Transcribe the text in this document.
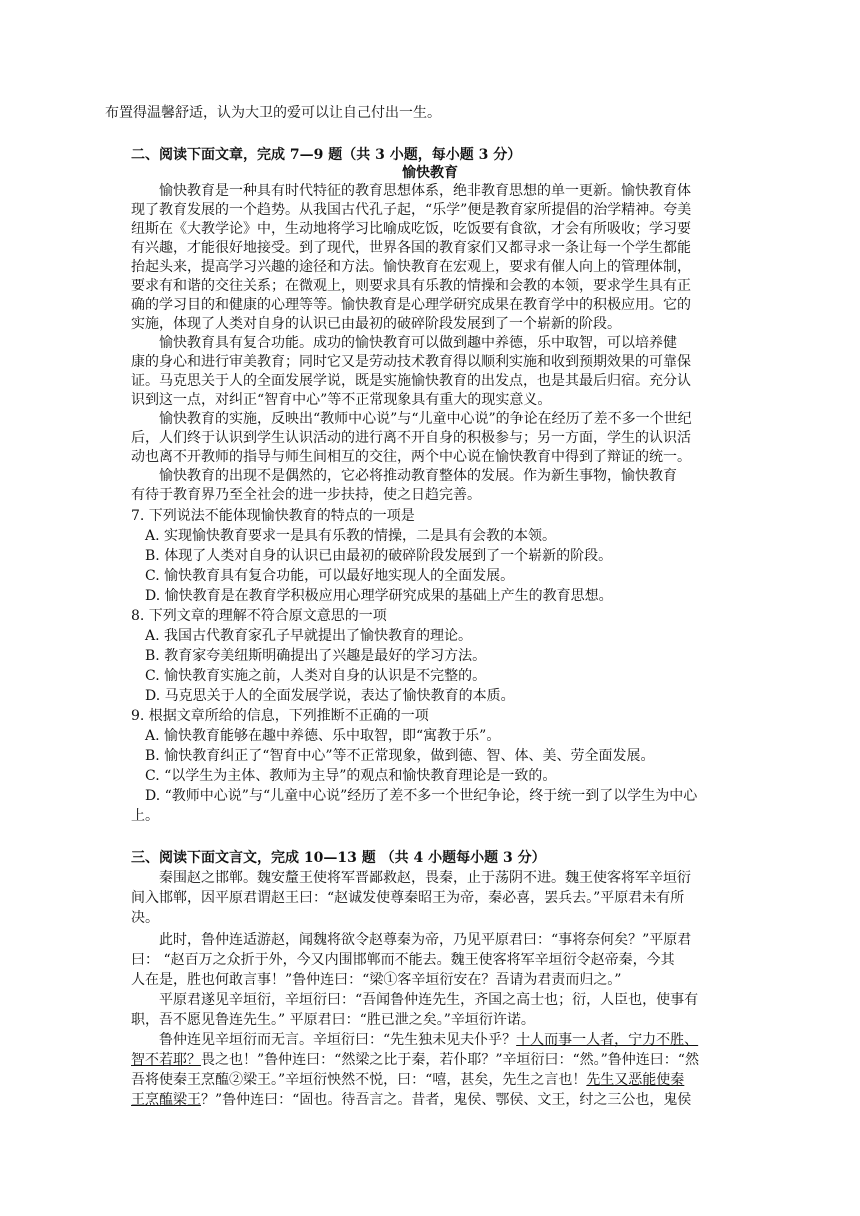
布置得温馨舒适，认为大卫的爱可以让自己付出一生。
二、阅读下面文章，完成 7—9 题（共 3 小题，每小题 3 分）
愉快教育
愉快教育是一种具有时代特征的教育思想体系，绝非教育思想的单一更新。愉快教育体
现了教育发展的一个趋势。从我国古代孔子起，“乐学”便是教育家所提倡的治学精神。夸美
纽斯在《大教学论》中，生动地将学习比喻成吃饭，吃饭要有食欲，才会有所吸收；学习要
有兴趣，才能很好地接受。到了现代，世界各国的教育家们又都寻求一条让每一个学生都能
抬起头来，提高学习兴趣的途径和方法。愉快教育在宏观上，要求有催人向上的管理体制，
要求有和谐的交往关系；在微观上，则要求具有乐教的情操和会教的本领，要求学生具有正
确的学习目的和健康的心理等等。愉快教育是心理学研究成果在教育学中的积极应用。它的
实施，体现了人类对自身的认识已由最初的破碎阶段发展到了一个崭新的阶段。
愉快教育具有复合功能。成功的愉快教育可以做到趣中养德，乐中取智，可以培养健
康的身心和进行审美教育；同时它又是劳动技术教育得以顺利实施和收到预期效果的可靠保
证。马克思关于人的全面发展学说，既是实施愉快教育的出发点，也是其最后归宿。充分认
识到这一点，对纠正“智育中心”等不正常现象具有重大的现实意义。
愉快教育的实施，反映出“教师中心说”与“儿童中心说”的争论在经历了差不多一个世纪
后，人们终于认识到学生认识活动的进行离不开自身的积极参与；另一方面，学生的认识活
动也离不开教师的指导与师生间相互的交往，两个中心说在愉快教育中得到了辩证的统一。
愉快教育的出现不是偶然的，它必将推动教育整体的发展。作为新生事物，愉快教育
有待于教育界乃至全社会的进一步扶持，使之日趋完善。
7. 下列说法不能体现愉快教育的特点的一项是
A. 实现愉快教育要求一是具有乐教的情操，二是具有会教的本领。
B. 体现了人类对自身的认识已由最初的破碎阶段发展到了一个崭新的阶段。
C. 愉快教育具有复合功能，可以最好地实现人的全面发展。
D. 愉快教育是在教育学积极应用心理学研究成果的基础上产生的教育思想。
8. 下列文章的理解不符合原文意思的一项
A. 我国古代教育家孔子早就提出了愉快教育的理论。
B. 教育家夸美纽斯明确提出了兴趣是最好的学习方法。
C. 愉快教育实施之前，人类对自身的认识是不完整的。
D. 马克思关于人的全面发展学说，表达了愉快教育的本质。
9. 根据文章所给的信息，下列推断不正确的一项
A. 愉快教育能够在趣中养德、乐中取智，即“寓教于乐”。
B. 愉快教育纠正了“智育中心”等不正常现象，做到德、智、体、美、劳全面发展。
C. “以学生为主体、教师为主导”的观点和愉快教育理论是一致的。
D. “教师中心说”与“儿童中心说”经历了差不多一个世纪争论，终于统一到了以学生为中心
上。
三、阅读下面文言文，完成 10—13 题 （共 4 小题每小题 3 分）
秦围赵之邯郸。魏安釐王使将军晋鄙救赵，畏秦，止于荡阴不进。魏王使客将军辛垣衍
间入邯郸，因平原君谓赵王曰：“赵诚发使尊秦昭王为帝，秦必喜，罢兵去。”平原君未有所
决。
此时，鲁仲连适游赵，闻魏将欲令赵尊秦为帝，乃见平原君曰：“事将奈何矣？”平原君
曰： “赵百万之众折于外，今又内围邯郸而不能去。魏王使客将军辛垣衍令赵帝秦，今其
人在是，胜也何敢言事！”鲁仲连曰：“梁①客辛垣衍安在？吾请为君责而归之。”
平原君遂见辛垣衍，辛垣衍曰：“吾闻鲁仲连先生，齐国之高士也；衍，人臣也，使事有
职，吾不愿见鲁连先生。” 平原君曰：“胜已泄之矣。”辛垣衍许诺。
鲁仲连见辛垣衍而无言。辛垣衍曰：“先生独未见夫仆乎？十人而事一人者，宁力不胜、
智不若耶？畏之也！”鲁仲连曰：“然梁之比于秦，若仆耶？”辛垣衍曰：“然。”鲁仲连曰：“然
吾将使秦王烹醢②梁王。”辛垣衍怏然不悦，曰：“嘻，甚矣，先生之言也！先生又恶能使秦
王烹醢梁王？”鲁仲连曰：“固也。待吾言之。昔者，鬼侯、鄂侯、文王，纣之三公也，鬼侯
